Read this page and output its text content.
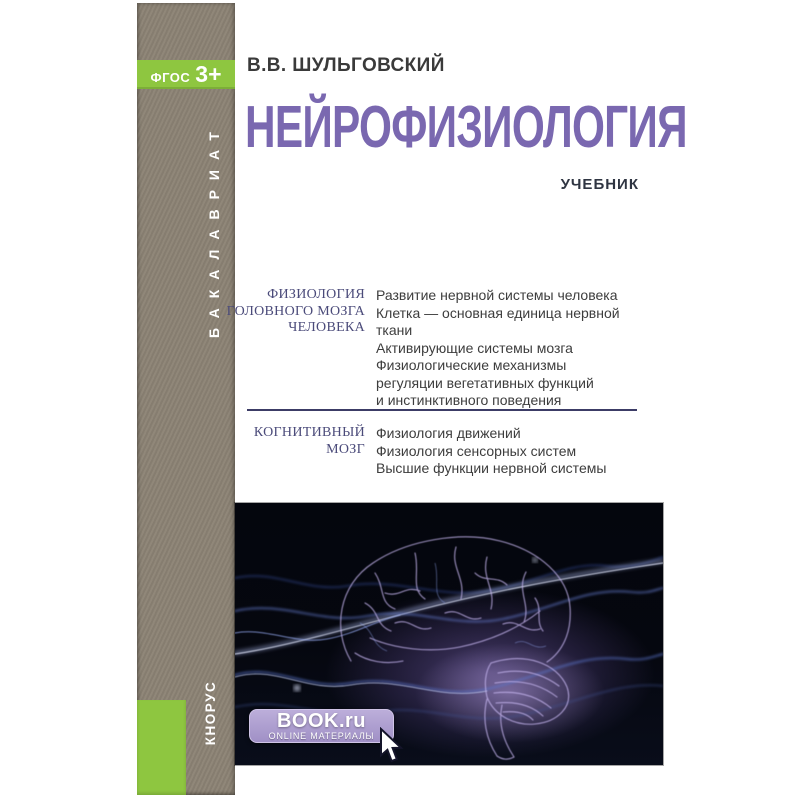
ФГОС 3+
БАКАЛАВРИАТ
КНОРУС
В.В. ШУЛЬГОВСКИЙ
НЕЙРОФИЗИОЛОГИЯ
УЧЕБНИК
ФИЗИОЛОГИЯ
ГОЛОВНОГО МОЗГА
ЧЕЛОВЕКА
Развитие нервной системы человека
Клетка — основная единица нервной ткани
Активирующие системы мозга
Физиологические механизмы
регуляции вегетативных функций
и инстинктивного поведения
КОГНИТИВНЫЙ
МОЗГ
Физиология движений
Физиология сенсорных систем
Высшие функции нервной системы
BOOK.ru
ONLINE МАТЕРИАЛЫ
